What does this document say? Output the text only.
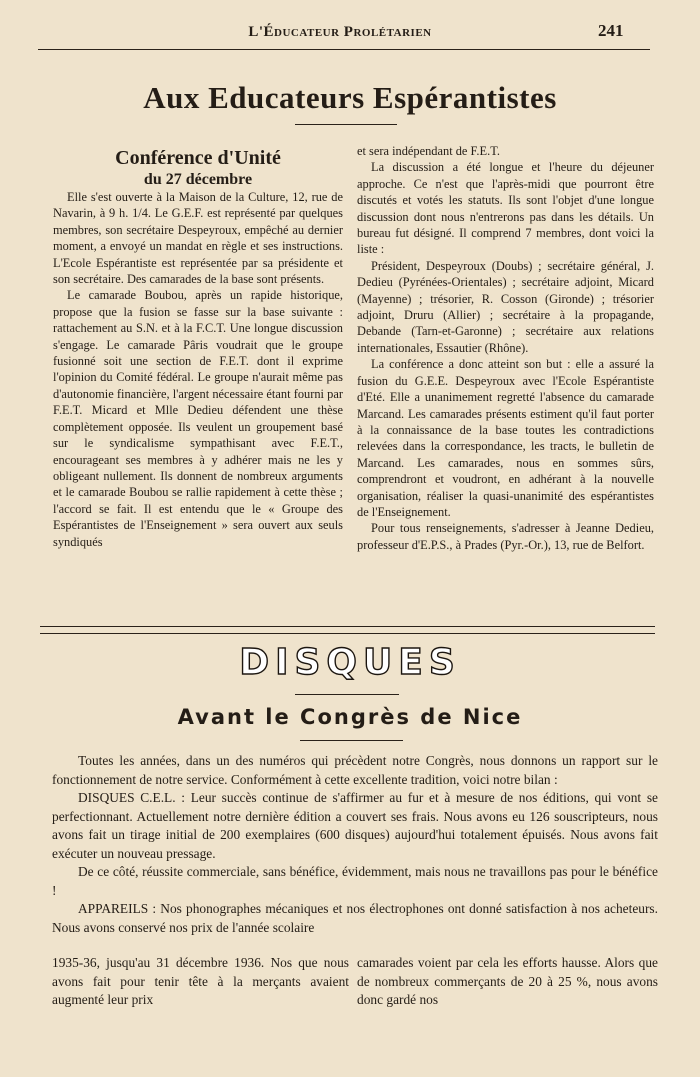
L'Éducateur Prolétarien	241
Aux Educateurs Espérantistes

Conférence d'Unité

du 27 décembre

Elle s'est ouverte à la Maison de la Culture, 12, rue de Navarin, à 9 h. 1/4. Le G.E.F. est représenté par quelques membres, son secrétaire Despeyroux, empêché au dernier moment, a envoyé un mandat en règle et ses instructions. L'Ecole Espérantiste est représentée par sa présidente et son secrétaire. Des camarades de la base sont présents.

Le camarade Boubou, après un rapide historique, propose que la fusion se fasse sur la base suivante : rattachement au S.N. et à la F.C.T. Une longue discussion s'engage. Le camarade Pâris voudrait que le groupe fusionné soit une section de F.E.T. dont il exprime l'opinion du Comité fédéral. Le groupe n'aurait même pas d'autonomie financière, l'argent nécessaire étant fourni par F.E.T. Micard et Mlle Dedieu défendent une thèse complètement opposée. Ils veulent un groupement basé sur le syndicalisme sympathisant avec F.E.T., encourageant ses membres à y adhérer mais ne les y obligeant nullement. Ils donnent de nombreux arguments et le camarade Boubou se rallie rapidement à cette thèse ; l'accord se fait. Il est entendu que le « Groupe des Espérantistes de l'Enseignement » sera ouvert aux seuls syndiqués

et sera indépendant de F.E.T.

La discussion a été longue et l'heure du déjeuner approche. Ce n'est que l'après-midi que pourront être discutés et votés les statuts. Ils sont l'objet d'une longue discussion dont nous n'entrerons pas dans les détails. Un bureau fut désigné. Il comprend 7 membres, dont voici la liste :

Président, Despeyroux (Doubs) ; secrétaire général, J. Dedieu (Pyrénées-Orientales) ; secrétaire adjoint, Micard (Mayenne) ; trésorier, R. Cosson (Gironde) ; trésorier adjoint, Druru (Allier) ; secrétaire à la propagande, Debande (Tarn-et-Garonne) ; secrétaire aux relations internationales, Essautier (Rhône).

La conférence a donc atteint son but : elle a assuré la fusion du G.E.E. Despeyroux avec l'Ecole Espérantiste d'Eté. Elle a unanimement regretté l'absence du camarade Marcand. Les camarades présents estiment qu'il faut porter à la connaissance de la base toutes les contradictions relevées dans la correspondance, les tracts, le bulletin de Marcand. Les camarades, nous en sommes sûrs, comprendront et voudront, en adhérant à la nouvelle organisation, réaliser la quasi-unanimité des espérantistes de l'Enseignement.

Pour tous renseignements, s'adresser à Jeanne Dedieu, professeur d'E.P.S., à Prades (Pyr.-Or.), 13, rue de Belfort.

DISQUES
Avant le Congrès de Nice

Toutes les années, dans un des numéros qui précèdent notre Congrès, nous donnons un rapport sur le fonctionnement de notre service. Conformément à cette excellente tradition, voici notre bilan :

DISQUES C.E.L. : Leur succès continue de s'affirmer au fur et à mesure de nos éditions, qui vont se perfectionnant. Actuellement notre dernière édition a couvert ses frais. Nous avons eu 126 souscripteurs, nous avons fait un tirage initial de 200 exemplaires (600 disques) aujourd'hui totalement épuisés. Nous avons fait exécuter un nouveau pressage.

De ce côté, réussite commerciale, sans bénéfice, évidemment, mais nous ne travaillons pas pour le bénéfice !

APPAREILS : Nos phonographes mécaniques et nos électrophones ont donné satisfaction à nos acheteurs. Nous avons conservé nos prix de l'année scolaire

1935-36, jusqu'au 31 décembre 1936. Nos que nous avons fait pour tenir tête à la merçants avaient augmenté leur prix

camarades voient par cela les efforts hausse. Alors que de nombreux commerçants de 20 à 25 %, nous avons donc gardé nos
